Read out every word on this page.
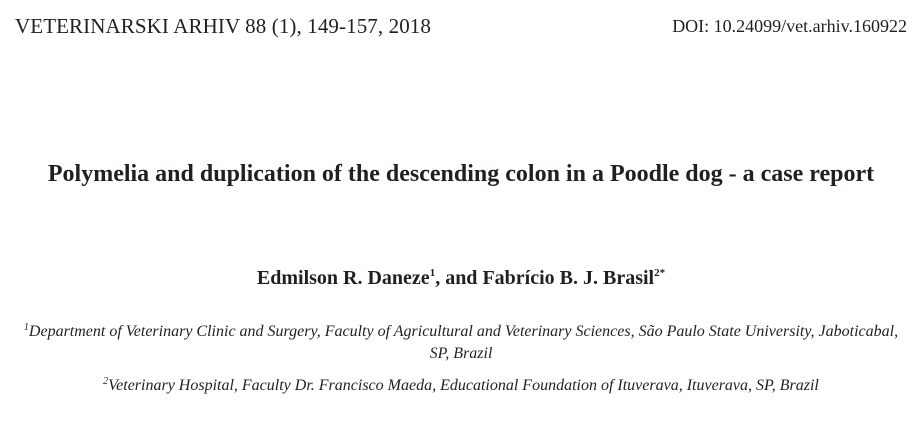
VETERINARSKI ARHIV 88 (1), 149-157, 2018	DOI: 10.24099/vet.arhiv.160922
Polymelia and duplication of the descending colon in a Poodle dog - a case report

Edmilson R. Daneze$^1$, and Fabrício B. J. Brasil$^{2*}$

$^1$Department of Veterinary Clinic and Surgery, Faculty of Agricultural and Veterinary Sciences, São Paulo State University, Jaboticabal, SP, Brazil

$^2$Veterinary Hospital, Faculty Dr. Francisco Maeda, Educational Foundation of Ituverava, Ituverava, SP, Brazil
